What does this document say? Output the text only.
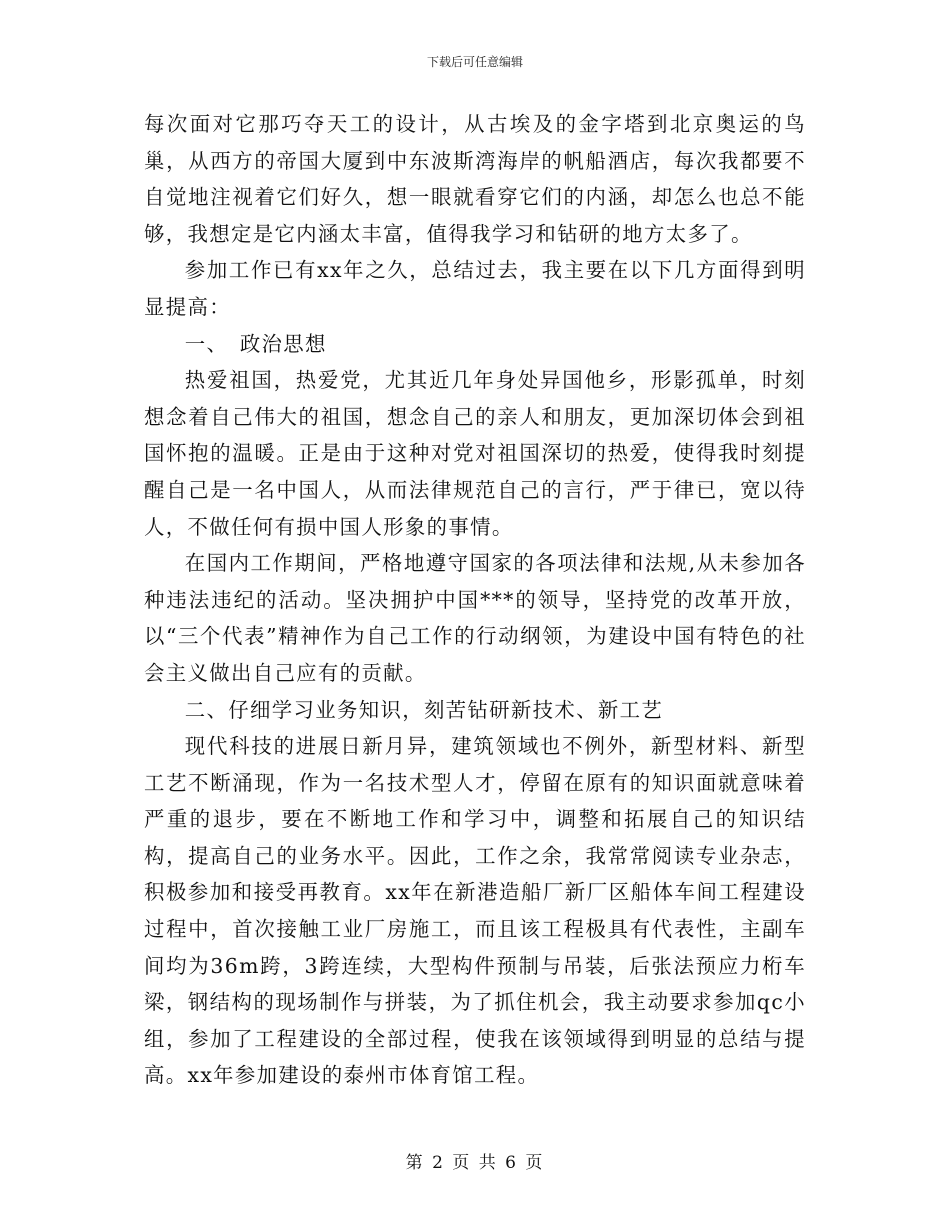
下载后可任意编辑

每次面对它那巧夺天工的设计，从古埃及的金字塔到北京奥运的鸟巢，从西方的帝国大厦到中东波斯湾海岸的帆船酒店，每次我都要不自觉地注视着它们好久，想一眼就看穿它们的内涵，却怎么也总不能够，我想定是它内涵太丰富，值得我学习和钻研的地方太多了。

参加工作已有xx年之久，总结过去，我主要在以下几方面得到明显提高：

一、　政治思想

热爱祖国，热爱党，尤其近几年身处异国他乡，形影孤单，时刻想念着自己伟大的祖国，想念自己的亲人和朋友，更加深切体会到祖国怀抱的温暖。正是由于这种对党对祖国深切的热爱，使得我时刻提醒自己是一名中国人，从而法律规范自己的言行，严于律已，宽以待人，不做任何有损中国人形象的事情。

在国内工作期间，严格地遵守国家的各项法律和法规,从未参加各种违法违纪的活动。坚决拥护中国***的领导，坚持党的改革开放，以“三个代表”精神作为自己工作的行动纲领，为建设中国有特色的社会主义做出自己应有的贡献。

二、仔细学习业务知识，刻苦钻研新技术、新工艺

现代科技的进展日新月异，建筑领域也不例外，新型材料、新型工艺不断涌现，作为一名技术型人才，停留在原有的知识面就意味着严重的退步，要在不断地工作和学习中，调整和拓展自己的知识结构，提高自己的业务水平。因此，工作之余，我常常阅读专业杂志，积极参加和接受再教育。xx年在新港造船厂新厂区船体车间工程建设过程中，首次接触工业厂房施工，而且该工程极具有代表性，主副车间均为36m跨，3跨连续，大型构件预制与吊装，后张法预应力桁车梁，钢结构的现场制作与拼装，为了抓住机会，我主动要求参加qc小组，参加了工程建设的全部过程，使我在该领域得到明显的总结与提高。xx年参加建设的泰州市体育馆工程。

第 2 页 共 6 页
